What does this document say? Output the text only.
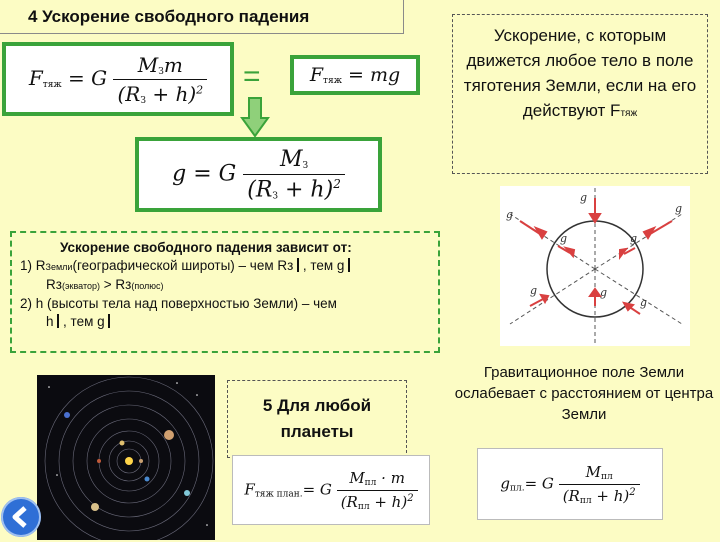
4 Ускорение свободного падения
$F_{тяж} = G \frac{M_Зm}{(R_З + h)^2}$ =	$F_{тяж}$ = mg
g = G $\frac{M_З}{(R_З + h)^2}$
Ускорение, с которым движется любое тело в поле тяготения Земли, если на его действуют Fтяж
g
g	g
g	g
g
g
g
Ускорение свободного падения зависит от:
1) RЗемли(географической широты) – чем Rз , тем g
Rз(экватор) > Rз(полюс)
2) h (высоты тела над поверхностью Земли) – чем
h , тем g
Гравитационное поле Земли ослабевает с расстоянием от центра Земли
5 Для любой планеты
$F_{тяж план.}= G \frac{M_{пл} \cdot m}{(R_{пл} + h)^2}$	$g_{пл.}= G \frac{M_{пл}}{(R_{пл} + h)^2}$
